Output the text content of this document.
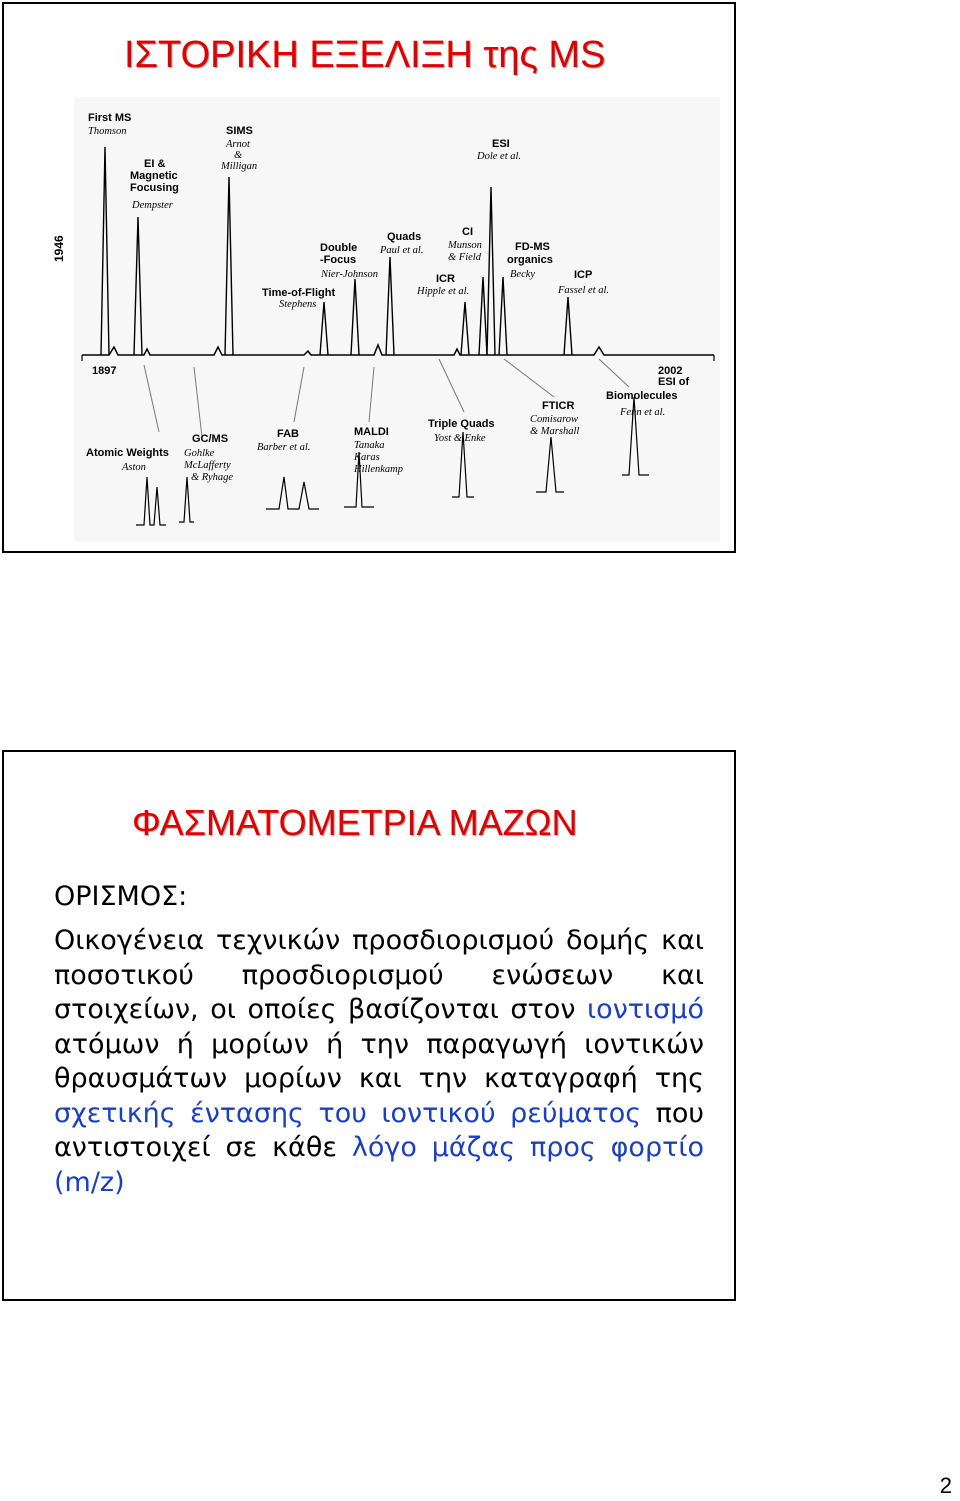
ΙΣΤΟΡΙΚΗ ΕΞΕΛΙΞΗ της MS
1946
First MS
Thomson
EI &
Magnetic
Focusing
Dempster
SIMS
Arnot
&
Milligan
Double
-Focus
Nier-Johnson
Time-of-Flight
Stephens
Quads
Paul et al.
ICR
Hipple et al.
CI
Munson
& Field
ESI
Dole et al.
FD-MS
organics
Becky	ICP
Fassel et al.
1897	2002
Atomic Weights
Aston
GC/MS
Gohlke
McLafferty
& Ryhage
FAB
Barber et al.
MALDI
Tanaka
Karas
Hillenkamp
Triple Quads
Yost & Enke
FTICR
Comisarow
& Marshall
ESI of
Biomolecules
Fenn et al.
ΦΑΣΜΑΤΟΜΕΤΡΙΑ ΜΑΖΩΝ
ΟΡΙΣΜΟΣ:
Οικογένεια τεχνικών προσδιορισμού δομής και ποσοτικού προσδιορισμού ενώσεων και στοιχείων, οι οποίες βασίζονται στον ιοντισμό ατόμων ή μορίων ή την παραγωγή ιοντικών θραυσμάτων μορίων και την καταγραφή της σχετικής έντασης του ιοντικού ρεύματος που αντιστοιχεί σε κάθε λόγο μάζας προς φορτίο (m/z)
2
